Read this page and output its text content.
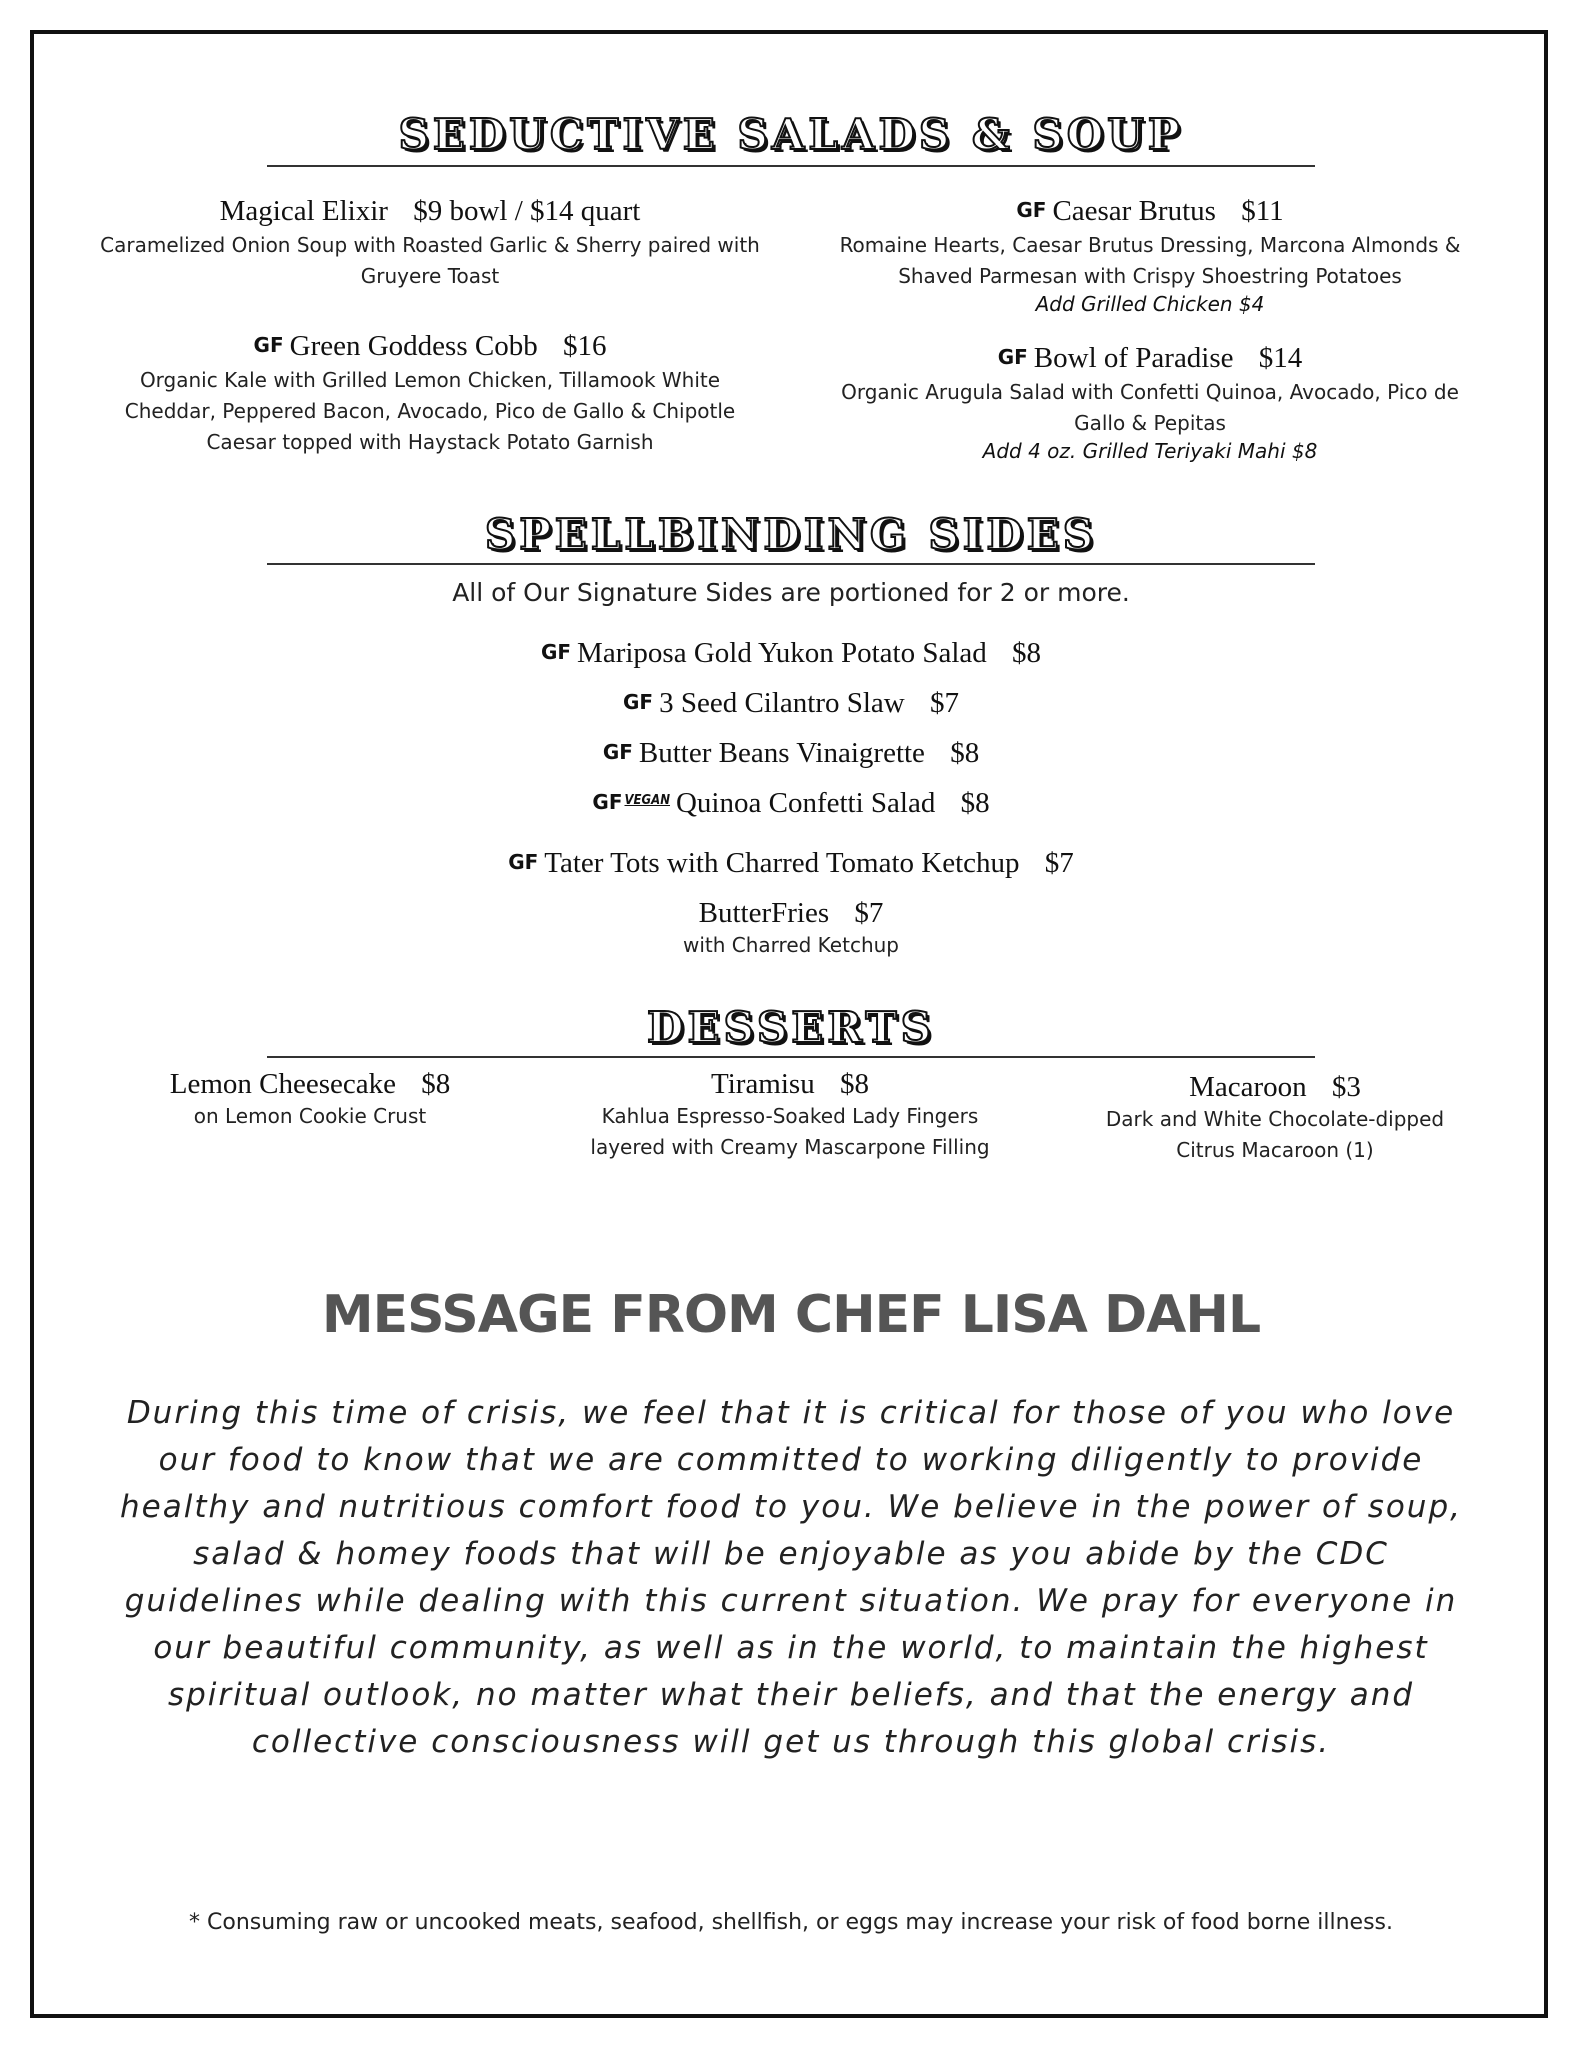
SEDUCTIVE SALADS & SOUP
Magical Elixir $9 bowl / $14 quart
Caramelized Onion Soup with Roasted Garlic & Sherry paired with Gruyere Toast
GF Caesar Brutus $11
Romaine Hearts, Caesar Brutus Dressing, Marcona Almonds & Shaved Parmesan with Crispy Shoestring Potatoes
Add Grilled Chicken $4
GF Green Goddess Cobb $16
Organic Kale with Grilled Lemon Chicken, Tillamook White Cheddar, Peppered Bacon, Avocado, Pico de Gallo & Chipotle Caesar topped with Haystack Potato Garnish
GF Bowl of Paradise $14
Organic Arugula Salad with Confetti Quinoa, Avocado, Pico de Gallo & Pepitas
Add 4 oz. Grilled Teriyaki Mahi $8
SPELLBINDING SIDES
All of Our Signature Sides are portioned for 2 or more.
GF Mariposa Gold Yukon Potato Salad $8
GF 3 Seed Cilantro Slaw $7
GF Butter Beans Vinaigrette $8
GF $^{VEGAN}$ Quinoa Confetti Salad $8
GF Tater Tots with Charred Tomato Ketchup $7
ButterFries $7
with Charred Ketchup
DESSERTS
Lemon Cheesecake $8
on Lemon Cookie Crust
Tiramisu $8
Kahlua Espresso-Soaked Lady Fingers layered with Creamy Mascarpone Filling
Macaroon $3
Dark and White Chocolate-dipped Citrus Macaroon (1)
MESSAGE FROM CHEF LISA DAHL
During this time of crisis, we feel that it is critical for those of you who love our food to know that we are committed to working diligently to provide healthy and nutritious comfort food to you. We believe in the power of soup, salad & homey foods that will be enjoyable as you abide by the CDC guidelines while dealing with this current situation. We pray for everyone in our beautiful community, as well as in the world, to maintain the highest spiritual outlook, no matter what their beliefs, and that the energy and collective consciousness will get us through this global crisis.
* Consuming raw or uncooked meats, seafood, shellfish, or eggs may increase your risk of food borne illness.
